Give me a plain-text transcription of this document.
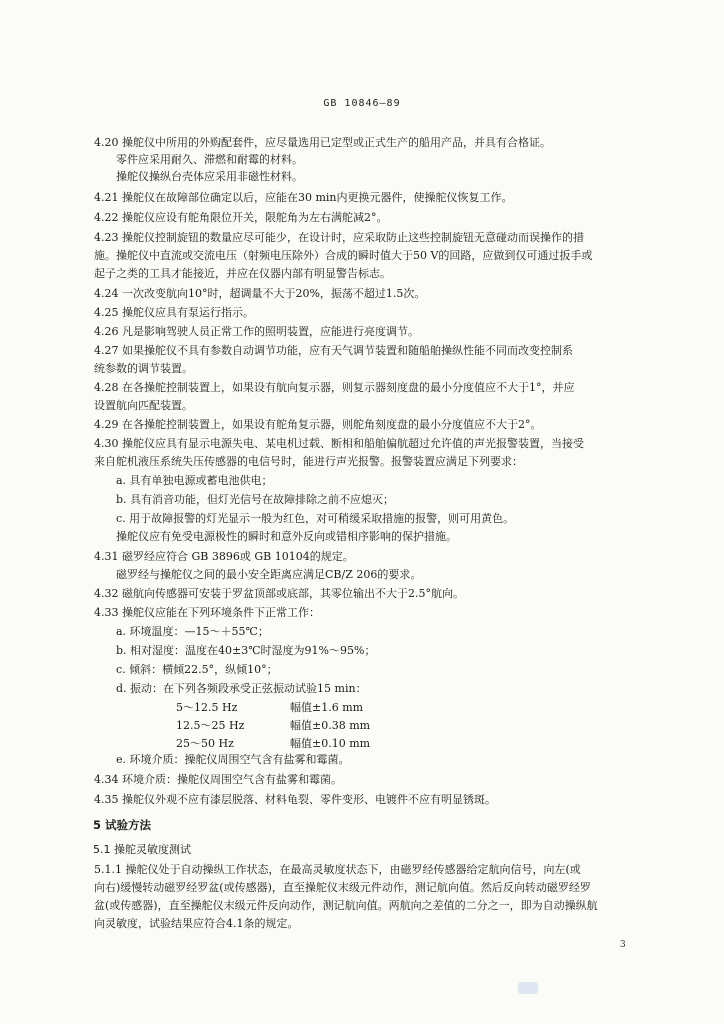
GB 10846—89
4.20 操舵仪中所用的外购配套件，应尽量选用已定型或正式生产的船用产品，并具有合格证。
零件应采用耐久、滞燃和耐霉的材料。
操舵仪操纵台壳体应采用非磁性材料。
4.21 操舵仪在故障部位确定以后，应能在30 min内更换元器件，使操舵仪恢复工作。
4.22 操舵仪应设有舵角限位开关，限舵角为左右满舵减2°。
4.23 操舵仪控制旋钮的数量应尽可能少，在设计时，应采取防止这些控制旋钮无意碰动而误操作的措
施。操舵仪中直流或交流电压（射频电压除外）合成的瞬时值大于50 V的回路，应做到仅可通过扳手或
起子之类的工具才能接近，并应在仪器内部有明显警告标志。
4.24 一次改变航向10°时，超调量不大于20%，振荡不超过1.5次。
4.25 操舵仪应具有泵运行指示。
4.26 凡是影响驾驶人员正常工作的照明装置，应能进行亮度调节。
4.27 如果操舵仪不具有参数自动调节功能，应有天气调节装置和随船舶操纵性能不同而改变控制系
统参数的调节装置。
4.28 在各操舵控制装置上，如果设有航向复示器，则复示器刻度盘的最小分度值应不大于1°，并应
设置航向匹配装置。
4.29 在各操舵控制装置上，如果设有舵角复示器，则舵角刻度盘的最小分度值应不大于2°。
4.30 操舵仪应具有显示电源失电、某电机过载、断相和船舶偏航超过允许值的声光报警装置，当接受
来自舵机液压系统失压传感器的电信号时，能进行声光报警。报警装置应满足下列要求：
a. 具有单独电源或蓄电池供电；
b. 具有消音功能，但灯光信号在故障排除之前不应熄灭；
c. 用于故障报警的灯光显示一般为红色，对可稍缓采取措施的报警，则可用黄色。
操舵仪应有免受电源极性的瞬时和意外反向或错相序影响的保护措施。
4.31 磁罗经应符合 GB 3896或 GB 10104的规定。
磁罗经与操舵仪之间的最小安全距离应满足CB/Z 206的要求。
4.32 磁航向传感器可安装于罗盆顶部或底部，其零位输出不大于2.5°航向。
4.33 操舵仪应能在下列环境条件下正常工作：
a. 环境温度：—15～＋55℃；
b. 相对湿度：温度在40±3℃时湿度为91%～95%；
c. 倾斜：横倾22.5°，纵倾10°；
d. 振动：在下列各频段承受正弦振动试验15 min：
e. 环境介质：操舵仪周围空气含有盐雾和霉菌。
4.34 环境介质：操舵仪周围空气含有盐雾和霉菌。
4.35 操舵仪外观不应有漆层脱落、材料龟裂、零件变形、电镀件不应有明显锈斑。
5.1.1 操舵仪处于自动操纵工作状态，在最高灵敏度状态下，由磁罗经传感器给定航向信号，向左(或
向右)缓慢转动磁罗经罗盆(或传感器)，直至操舵仪末级元件动作，测记航向值。然后反向转动磁罗经罗
盆(或传感器)，直至操舵仪末级元件反向动作，测记航向值。两航向之差值的二分之一，即为自动操纵航
向灵敏度，试验结果应符合4.1条的规定。
5～12.5 Hz	幅值±1.6 mm
12.5～25 Hz	幅值±0.38 mm
25～50 Hz	幅值±0.10 mm
5 试验方法
5.1 操舵灵敏度测试
3
